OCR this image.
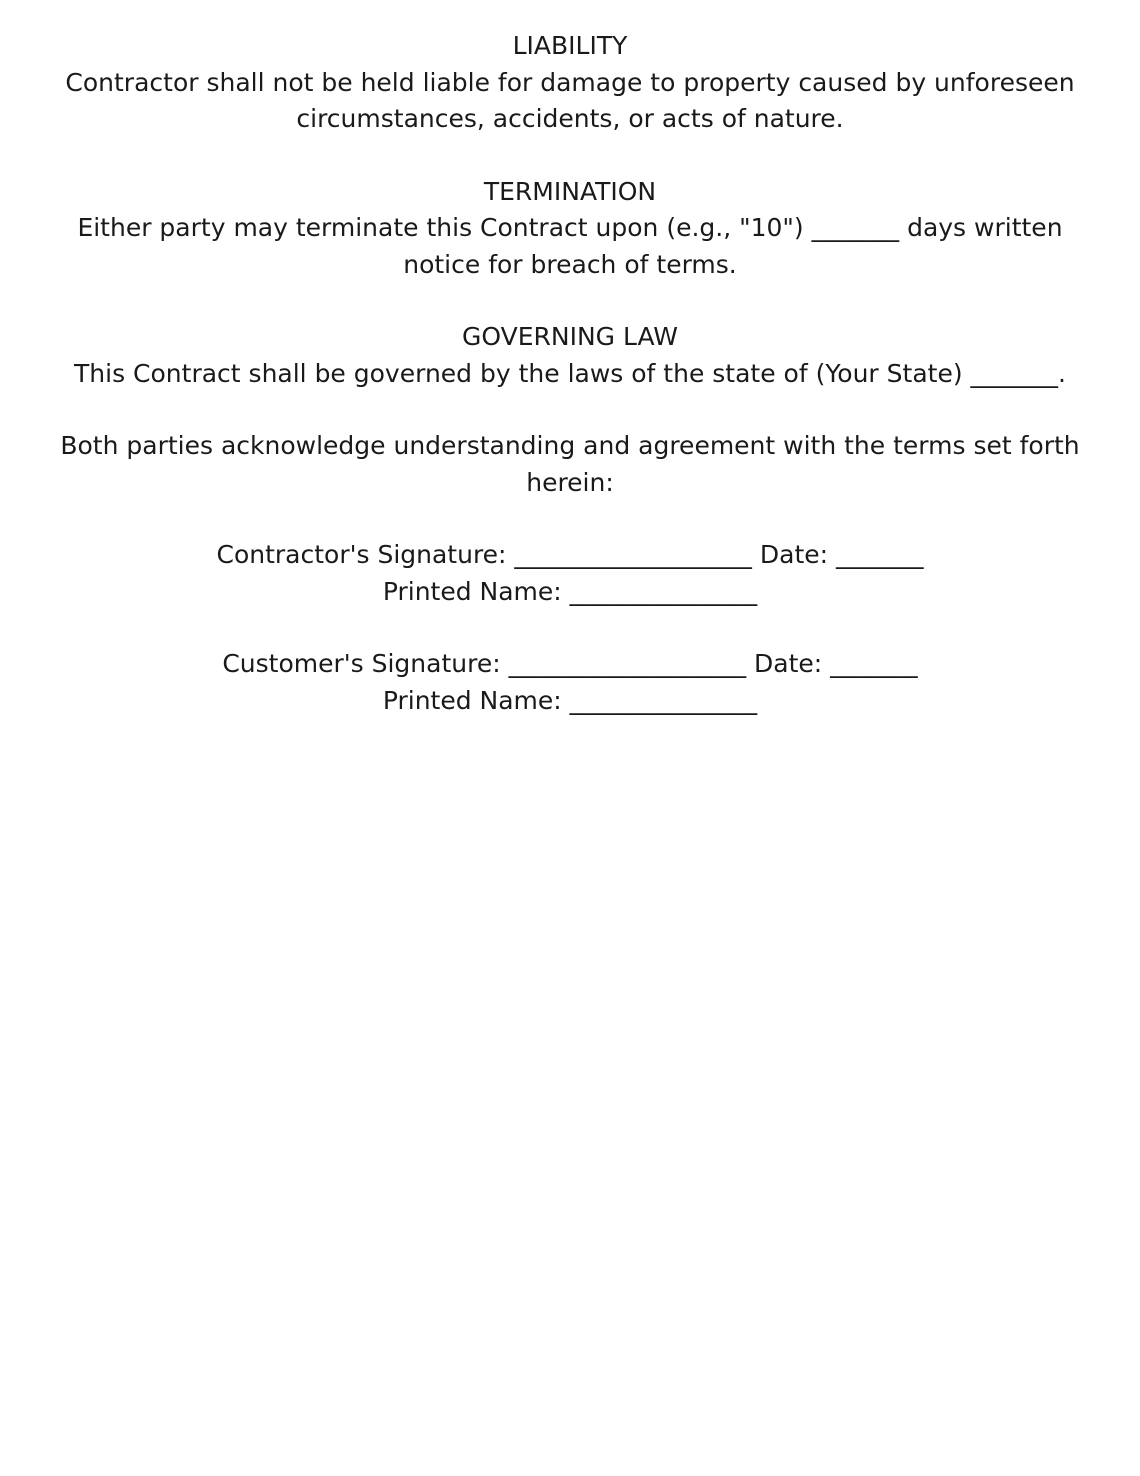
LIABILITY
Contractor shall not be held liable for damage to property caused by unforeseen circumstances, accidents, or acts of nature.
TERMINATION
Either party may terminate this Contract upon (e.g., "10") _______ days written notice for breach of terms.
GOVERNING LAW
This Contract shall be governed by the laws of the state of (Your State) _______.
Both parties acknowledge understanding and agreement with the terms set forth herein:
Contractor's Signature: ___________________ Date: _______
Printed Name: _______________
Customer's Signature: ___________________ Date: _______
Printed Name: _______________
